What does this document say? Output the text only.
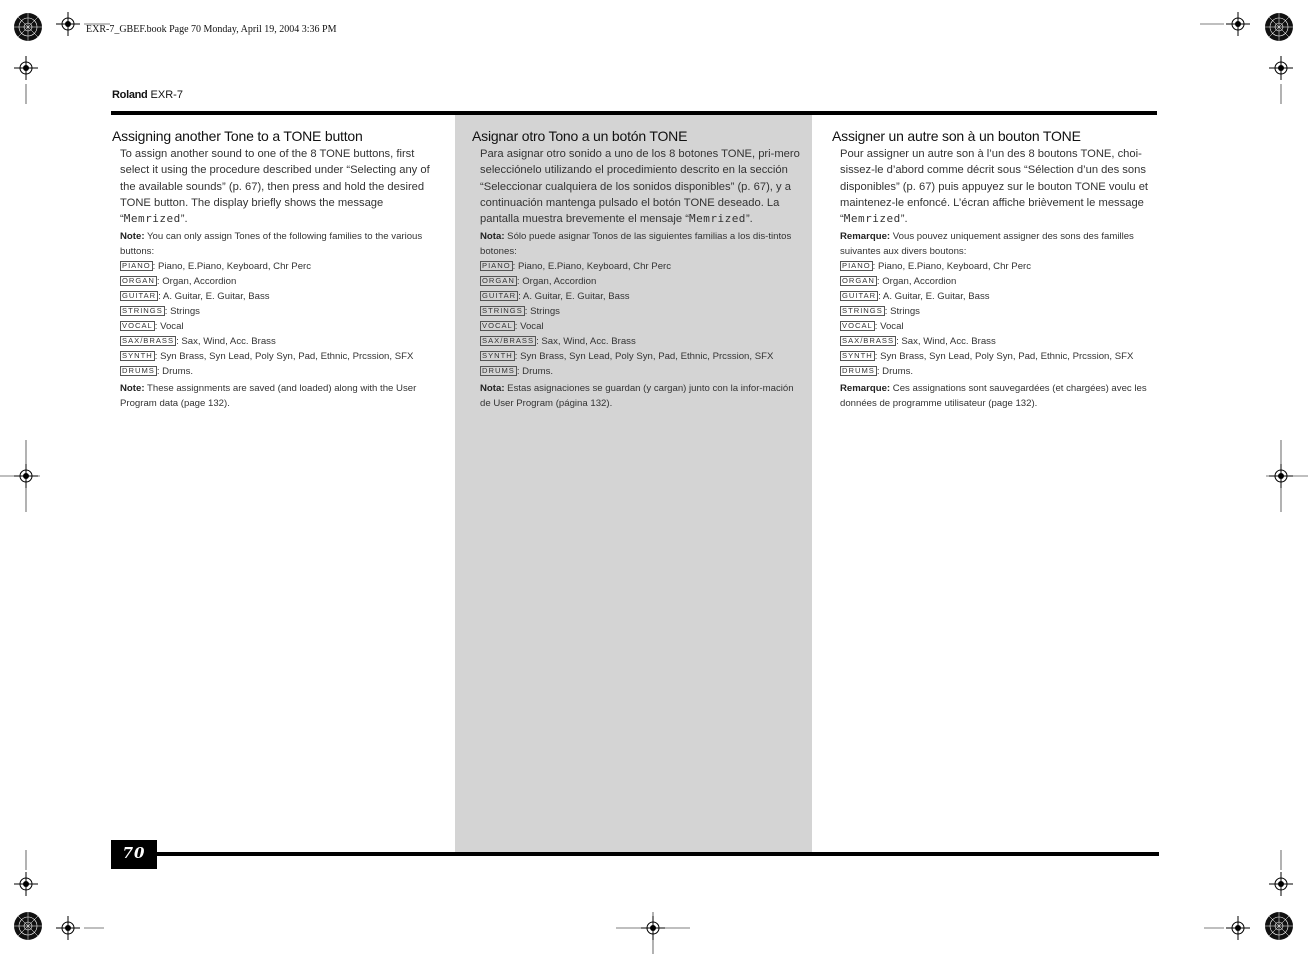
EXR-7_GBEF.book Page 70 Monday, April 19, 2004 3:36 PM
Roland EXR-7
Assigning another Tone to a TONE button
To assign another sound to one of the 8 TONE buttons, first select it using the procedure described under “Selecting any of the available sounds” (p. 67), then press and hold the desired TONE button. The display briefly shows the message “Memrized”.
Note: You can only assign Tones of the following families to the various buttons:
PIANO : Piano, E.Piano, Keyboard, Chr Perc
ORGAN : Organ, Accordion
GUITAR : A. Guitar, E. Guitar, Bass
STRINGS : Strings
VOCAL : Vocal
SAX/BRASS : Sax, Wind, Acc. Brass
SYNTH : Syn Brass, Syn Lead, Poly Syn, Pad, Ethnic, Prcssion, SFX
DRUMS : Drums.
Note: These assignments are saved (and loaded) along with the User Program data (page 132).
Asignar otro Tono a un botón TONE
Para asignar otro sonido a uno de los 8 botones TONE, pri-mero selecciónelo utilizando el procedimiento descrito en la sección “Seleccionar cualquiera de los sonidos disponibles” (p. 67), y a continuación mantenga pulsado el botón TONE deseado. La pantalla muestra brevemente el mensaje “Memrized”.
Nota: Sólo puede asignar Tonos de las siguientes familias a los dis-tintos botones:
PIANO : Piano, E.Piano, Keyboard, Chr Perc
ORGAN : Organ, Accordion
GUITAR : A. Guitar, E. Guitar, Bass
STRINGS : Strings
VOCAL : Vocal
SAX/BRASS : Sax, Wind, Acc. Brass
SYNTH : Syn Brass, Syn Lead, Poly Syn, Pad, Ethnic, Prcssion, SFX
DRUMS : Drums.
Nota: Estas asignaciones se guardan (y cargan) junto con la infor-mación de User Program (página 132).
Assigner un autre son à un bouton TONE
Pour assigner un autre son à l’un des 8 boutons TONE, choi-sissez-le d’abord comme décrit sous “Sélection d’un des sons disponibles” (p. 67) puis appuyez sur le bouton TONE voulu et maintenez-le enfoncé. L’écran affiche brièvement le message “Memrized”.
Remarque: Vous pouvez uniquement assigner des sons des familles suivantes aux divers boutons:
PIANO : Piano, E.Piano, Keyboard, Chr Perc
ORGAN : Organ, Accordion
GUITAR : A. Guitar, E. Guitar, Bass
STRINGS : Strings
VOCAL : Vocal
SAX/BRASS : Sax, Wind, Acc. Brass
SYNTH : Syn Brass, Syn Lead, Poly Syn, Pad, Ethnic, Prcssion, SFX
DRUMS : Drums.
Remarque: Ces assignations sont sauvegardées (et chargées) avec les données de programme utilisateur (page 132).
70
